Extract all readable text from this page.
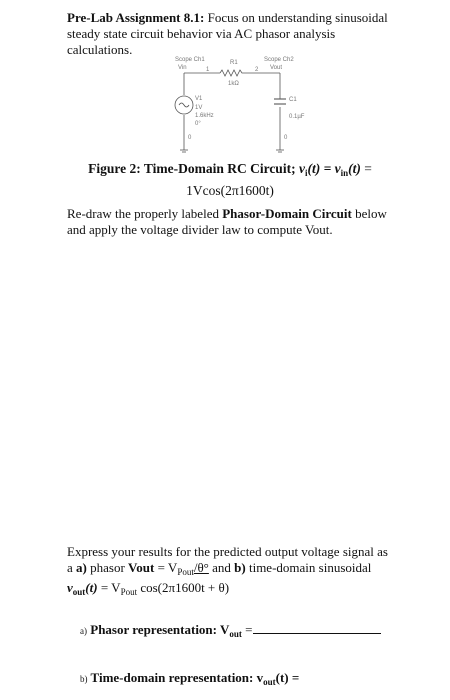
Pre-Lab Assignment 8.1: Focus on understanding sinusoidal
steady state circuit behavior via AC phasor analysis
calculations.
Scope Ch1
Vin	1
R1
1kΩ
2
Scope Ch2
Vout
V1
1V
1.6kHz
0°
0
C1
0.1µF
0
Figure 2: Time-Domain RC Circuit; $v_i(t) = v_{in}(t)$ =
1Vcos(2π1600t)
Re-draw the properly labeled Phasor-Domain Circuit below
and apply the voltage divider law to compute Vout.
Express your results for the predicted output voltage signal as
a a) phasor Vout = $V_{Pout}/\theta^\circ$ and b) time-domain sinusoidal
$v_{out}(t) = V_{Pout}$ cos(2π1600t + θ)
a) Phasor representation: $V_{out}$ =
b) Time-domain representation: $v_{out}(t)$ =
